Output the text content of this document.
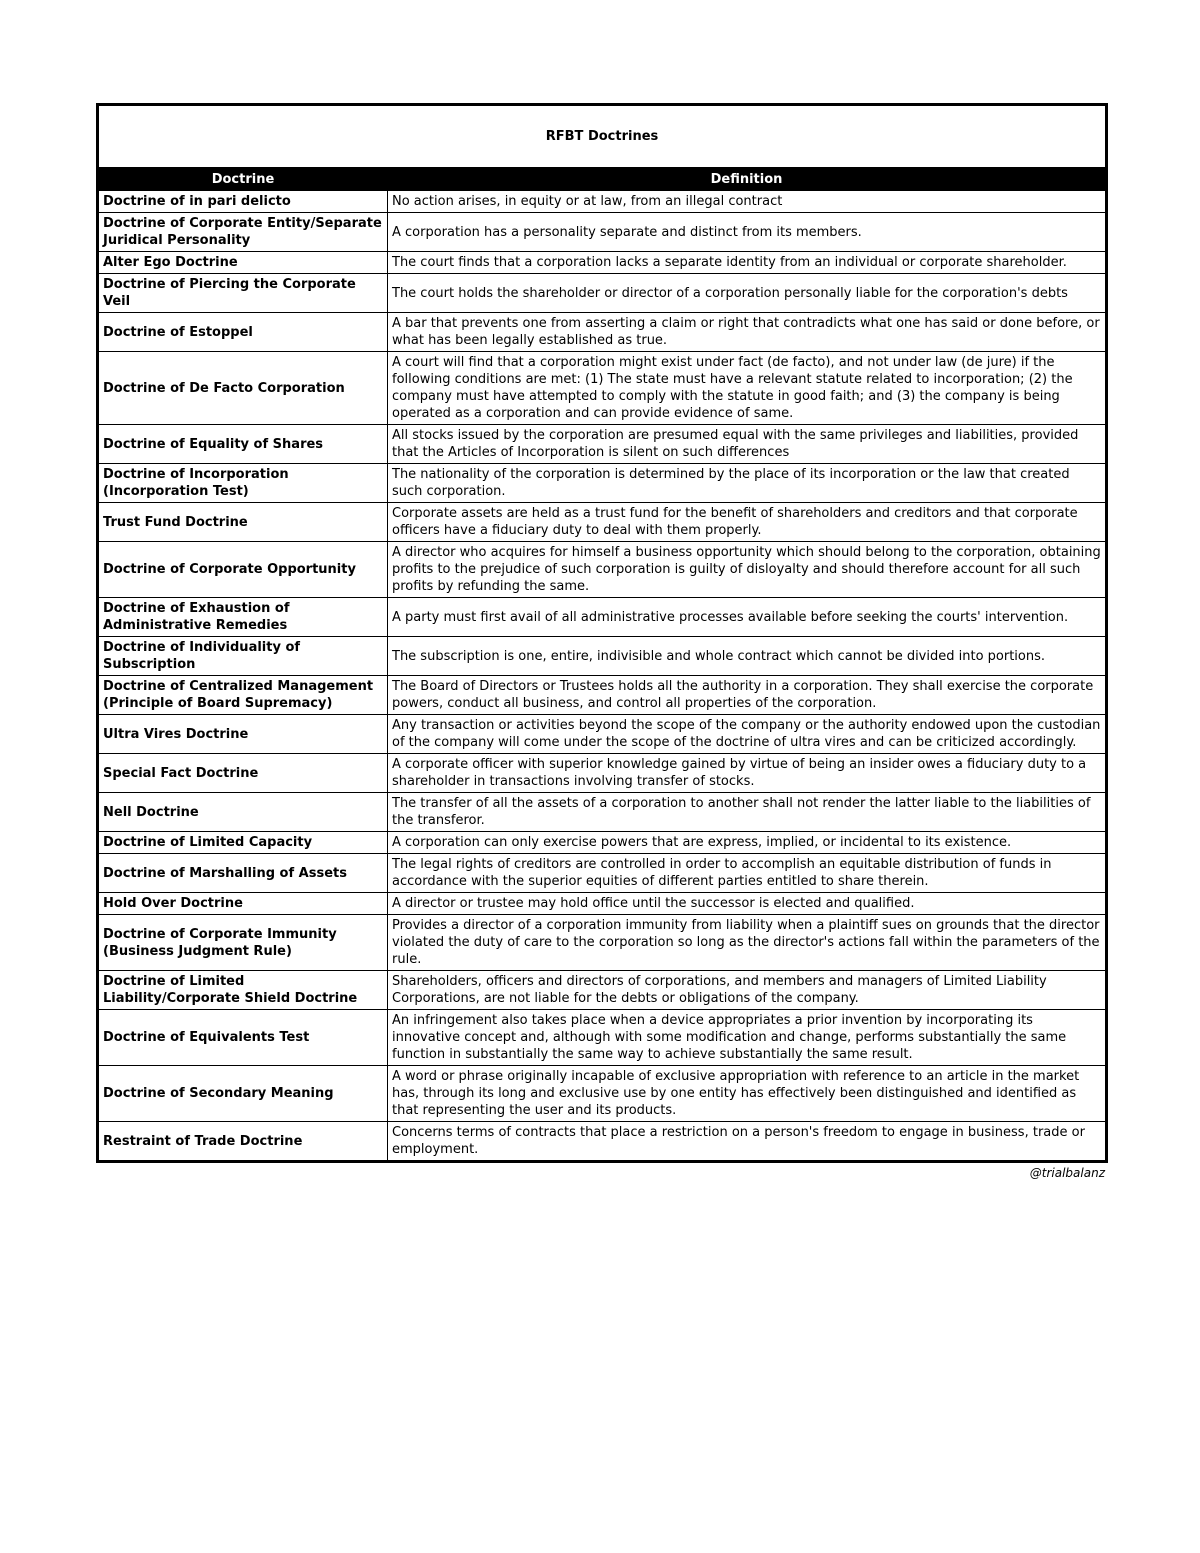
RFBT Doctrines	
Doctrine	Definition
Doctrine of in pari delicto	No action arises, in equity or at law, from an illegal contract
Doctrine of Corporate Entity/Separate Juridical Personality	A corporation has a personality separate and distinct from its members.
Alter Ego Doctrine	The court finds that a corporation lacks a separate identity from an individual or corporate shareholder.
Doctrine of Piercing the Corporate Veil	The court holds the shareholder or director of a corporation personally liable for the corporation's debts
Doctrine of Estoppel	A bar that prevents one from asserting a claim or right that contradicts what one has said or done before, or what has been legally established as true.
Doctrine of De Facto Corporation	A court will find that a corporation might exist under fact (de facto), and not under law (de jure) if the following conditions are met: (1) The state must have a relevant statute related to incorporation; (2) the company must have attempted to comply with the statute in good faith; and (3) the company is being operated as a corporation and can provide evidence of same.
Doctrine of Equality of Shares	All stocks issued by the corporation are presumed equal with the same privileges and liabilities, provided that the Articles of Incorporation is silent on such differences
Doctrine of Incorporation (Incorporation Test)	The nationality of the corporation is determined by the place of its incorporation or the law that created such corporation.
Trust Fund Doctrine	Corporate assets are held as a trust fund for the benefit of shareholders and creditors and that corporate officers have a fiduciary duty to deal with them properly.
Doctrine of Corporate Opportunity	A director who acquires for himself a business opportunity which should belong to the corporation, obtaining profits to the prejudice of such corporation is guilty of disloyalty and should therefore account for all such profits by refunding the same.
Doctrine of Exhaustion of Administrative Remedies	A party must first avail of all administrative processes available before seeking the courts' intervention.
Doctrine of Individuality of Subscription	The subscription is one, entire, indivisible and whole contract which cannot be divided into portions.
Doctrine of Centralized Management (Principle of Board Supremacy)	The Board of Directors or Trustees holds all the authority in a corporation. They shall exercise the corporate powers, conduct all business, and control all properties of the corporation.
Ultra Vires Doctrine	Any transaction or activities beyond the scope of the company or the authority endowed upon the custodian of the company will come under the scope of the doctrine of ultra vires and can be criticized accordingly.
Special Fact Doctrine	A corporate officer with superior knowledge gained by virtue of being an insider owes a fiduciary duty to a shareholder in transactions involving transfer of stocks.
Nell Doctrine	The transfer of all the assets of a corporation to another shall not render the latter liable to the liabilities of the transferor.
Doctrine of Limited Capacity	A corporation can only exercise powers that are express, implied, or incidental to its existence.
Doctrine of Marshalling of Assets	The legal rights of creditors are controlled in order to accomplish an equitable distribution of funds in accordance with the superior equities of different parties entitled to share therein.
Hold Over Doctrine	A director or trustee may hold office until the successor is elected and qualified.
Doctrine of Corporate Immunity (Business Judgment Rule)	Provides a director of a corporation immunity from liability when a plaintiff sues on grounds that the director violated the duty of care to the corporation so long as the director's actions fall within the parameters of the rule.
Doctrine of Limited Liability/Corporate Shield Doctrine	Shareholders, officers and directors of corporations, and members and managers of Limited Liability Corporations, are not liable for the debts or obligations of the company.
Doctrine of Equivalents Test	An infringement also takes place when a device appropriates a prior invention by incorporating its innovative concept and, although with some modification and change, performs substantially the same function in substantially the same way to achieve substantially the same result.
Doctrine of Secondary Meaning	A word or phrase originally incapable of exclusive appropriation with reference to an article in the market has, through its long and exclusive use by one entity has effectively been distinguished and identified as that representing the user and its products.
Restraint of Trade Doctrine	Concerns terms of contracts that place a restriction on a person's freedom to engage in business, trade or employment.
@trialbalanz
